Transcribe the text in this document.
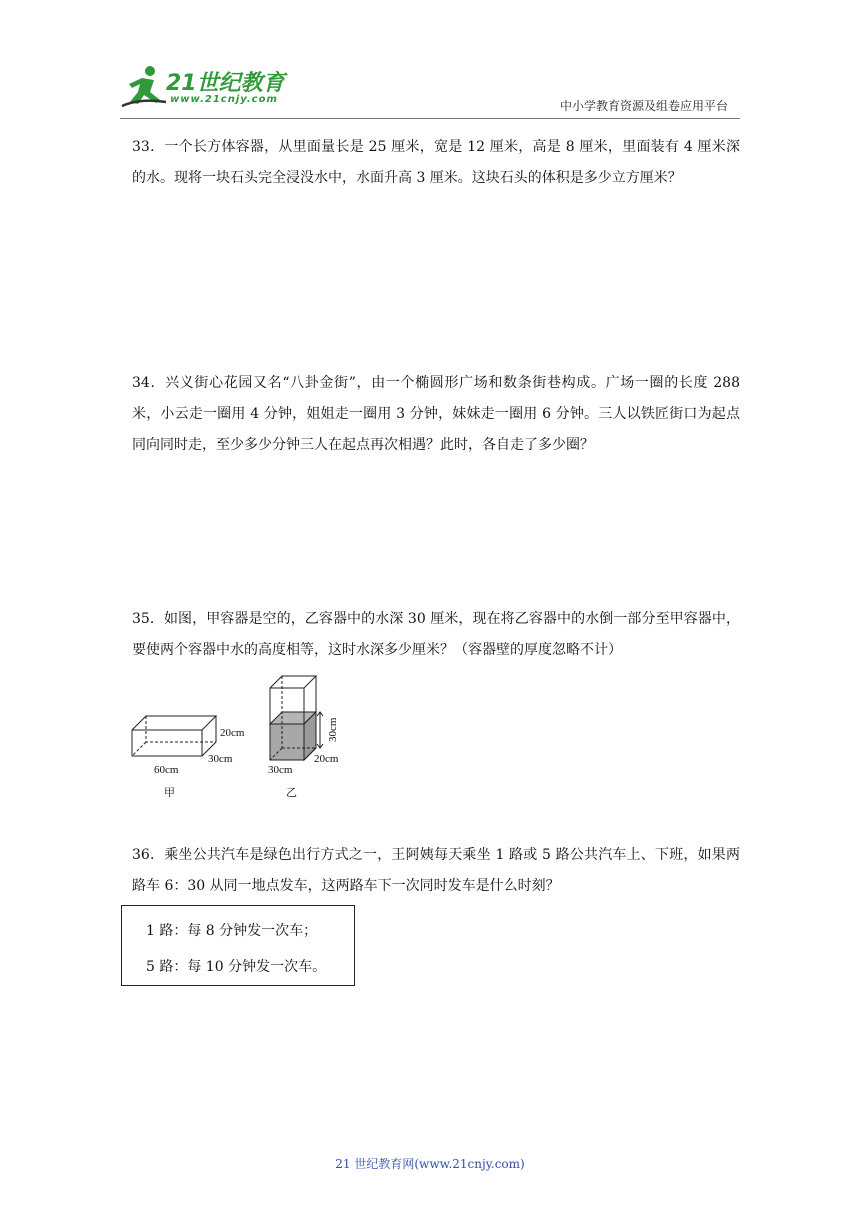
21世纪教育
www.21cnjy.com	中小学教育资源及组卷应用平台

33．一个长方体容器，从里面量长是 25 厘米，宽是 12 厘米，高是 8 厘米，里面装有 4 厘米深的水。现将一块石头完全浸没水中，水面升高 3 厘米。这块石头的体积是多少立方厘米？

34．兴义街心花园又名“八卦金街”，由一个椭圆形广场和数条街巷构成。广场一圈的长度 288 米，小云走一圈用 4 分钟，姐姐走一圈用 3 分钟，妹妹走一圈用 6 分钟。三人以铁匠街口为起点同向同时走，至少多少分钟三人在起点再次相遇？此时，各自走了多少圈？

35．如图，甲容器是空的，乙容器中的水深 30 厘米，现在将乙容器中的水倒一部分至甲容器中，要使两个容器中水的高度相等，这时水深多少厘米？（容器壁的厚度忽略不计）

20cm
30cm
60cm
甲
30cm
20cm
30cm
乙

36．乘坐公共汽车是绿色出行方式之一，王阿姨每天乘坐 1 路或 5 路公共汽车上、下班，如果两路车 6：30 从同一地点发车，这两路车下一次同时发车是什么时刻？

1 路：每 8 分钟发一次车；
5 路：每 10 分钟发一次车。
21 世纪教育网(www.21cnjy.com)
